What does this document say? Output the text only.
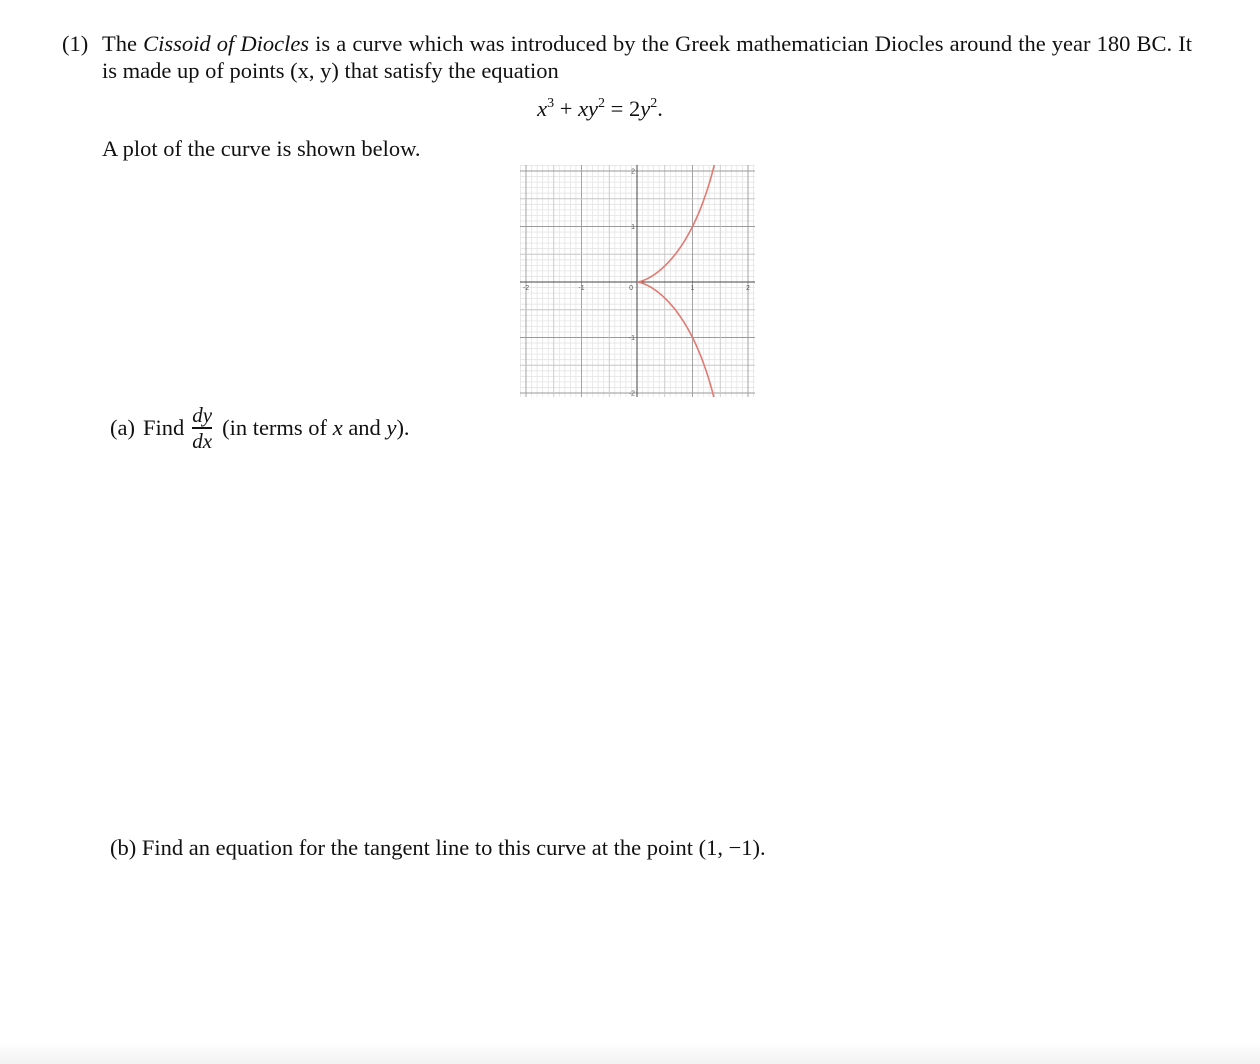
(1) The Cissoid of Diocles is a curve which was introduced by the Greek mathematician Diocles around the year 180 BC. It is made up of points (x, y) that satisfy the equation
$x^3 + xy^2 = 2y^2$.
A plot of the curve is shown below.
-2	-1	0	1	2
2
1
-1
-2
(a) Find $\frac{dy}{dx} (in$ terms of x and y).
(b) Find an equation for the tangent line to this curve at the point (1, −1).
